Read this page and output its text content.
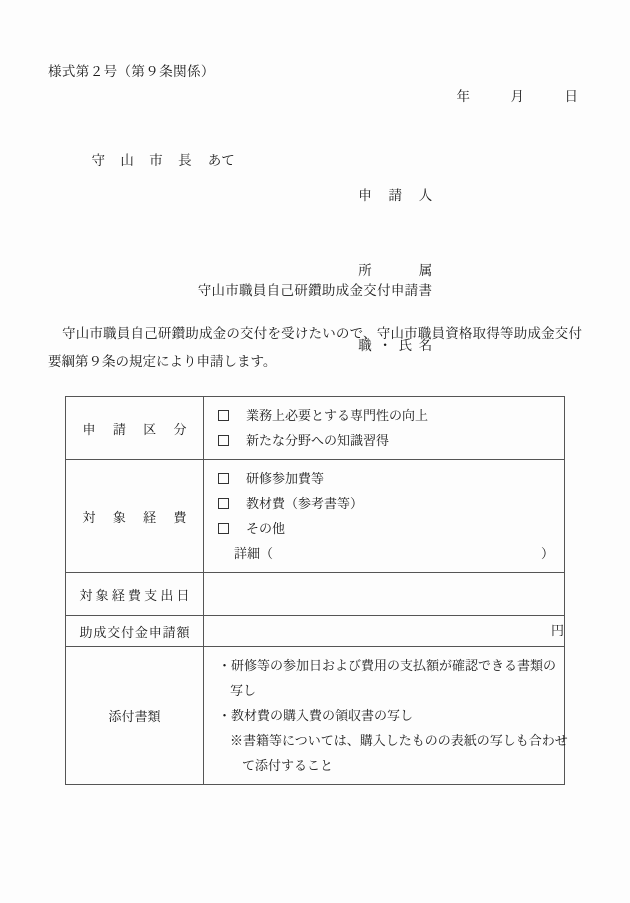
様式第２号（第９条関係）
年　　　月　　　日

守 山 市 長 あて

申請人

所属

職・氏名

守山市職員自己研鑽助成金交付申請書
守山市職員自己研鑽助成金の交付を受けたいので、守山市職員資格取得等助成金交付要綱第９条の規定により申請します。
申請区分	業務上必要とする専門性の向上
新たな分野への知識習得

対象経費	研修参加費等
教材費（参考書等）
その他
詳細（ ）

対象経費支出日	
助成交付金申請額	円
添付書類	・研修等の参加日および費用の支払額が確認できる書類の
写し
・教材費の購入費の領収書の写し
※書籍等については、購入したものの表紙の写しも合わせ
て添付すること
